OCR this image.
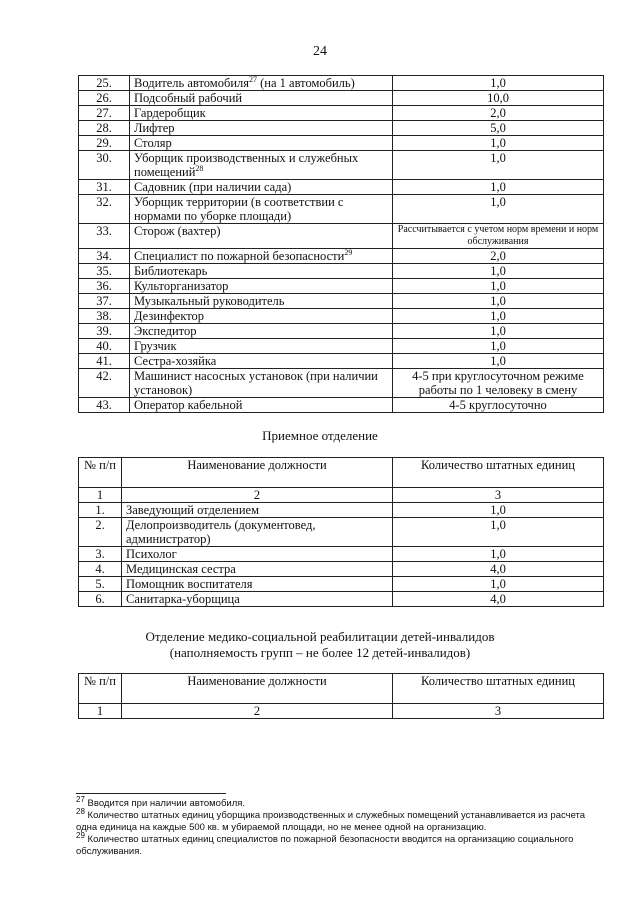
24
25.	Водитель автомобиля$^{27}$ (на 1 автомобиль)	1,0
26.	Подсобный рабочий	10,0
27.	Гардеробщик	2,0
28.	Лифтер	5,0
29.	Столяр	1,0
30.	Уборщик производственных и служебных помещений$^{28}$	1,0
31.	Садовник (при наличии сада)	1,0
32.	Уборщик территории (в соответствии с нормами по уборке площади)	1,0
33.	Сторож (вахтер)	Рассчитывается с учетом норм времени и норм обслуживания
34.	Специалист по пожарной безопасности$^{29}$	2,0
35.	Библиотекарь	1,0
36.	Культорганизатор	1,0
37.	Музыкальный руководитель	1,0
38.	Дезинфектор	1,0
39.	Экспедитор	1,0
40.	Грузчик	1,0
41.	Сестра-хозяйка	1,0
42.	Машинист насосных установок (при наличии установок)	4-5 при круглосуточном режиме работы по 1 человеку в смену
43.	Оператор кабельной	4-5 круглосуточно
Приемное отделение
№ п/п	Наименование должности	Количество штатных единиц
1	2	3
1.	Заведующий отделением	1,0
2.	Делопроизводитель (документовед, администратор)	1,0
3.	Психолог	1,0
4.	Медицинская сестра	4,0
5.	Помощник воспитателя	1,0
6.	Санитарка-уборщица	4,0
Отделение медико-социальной реабилитации детей-инвалидов
(наполняемость групп – не более 12 детей-инвалидов)
№ п/п	Наименование должности	Количество штатных единиц
1	2	3

$^{27}$ Вводится при наличии автомобиля.

$^{28}$ Количество штатных единиц уборщика производственных и служебных помещений устанавливается из расчета одна единица на каждые 500 кв. м убираемой площади, но не менее одной на организацию.

$^{29}$ Количество штатных единиц специалистов по пожарной безопасности вводится на организацию социального обслуживания.
